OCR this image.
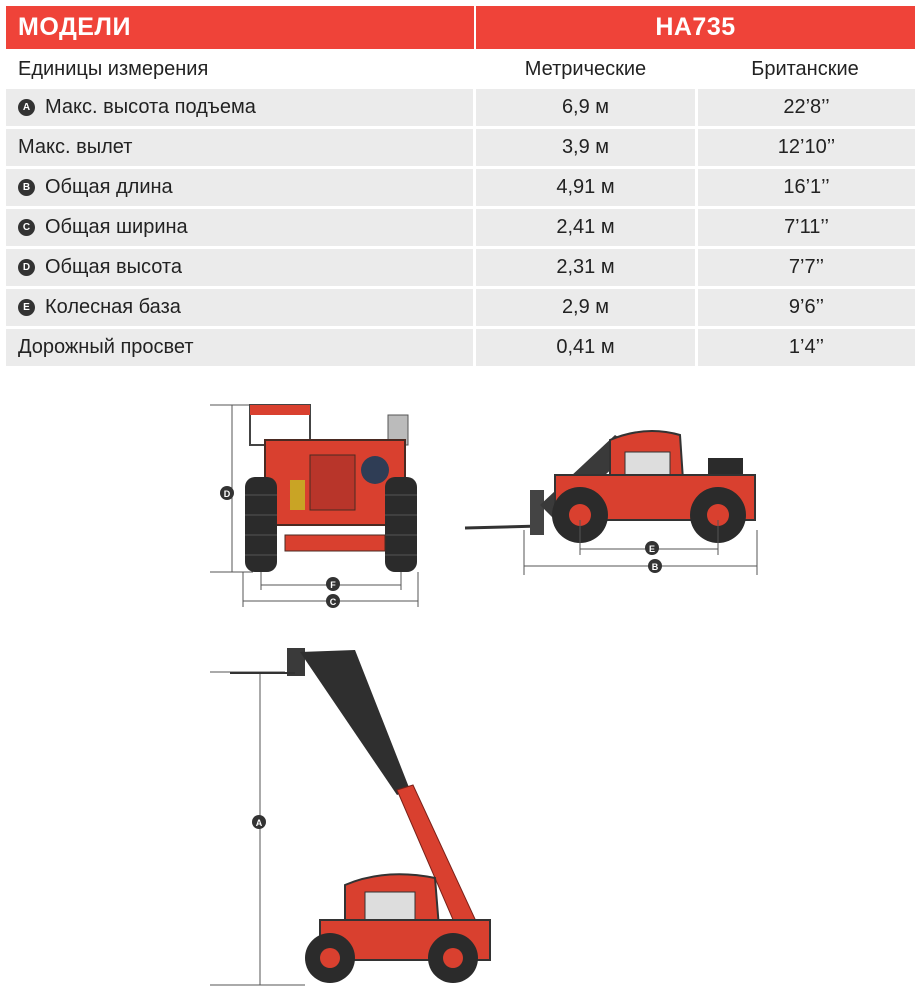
МОДЕЛИ	HA735
Единицы измерения	Метрические	Британские
A Макс. высота подъема	6,9 м	22’8’’
Макс. вылет	3,9 м	12’10’’
B Общая длина	4,91 м	16’1’’
C Общая ширина	2,41 м	7’11’’
D Общая высота	2,31 м	7’7’’
E Колесная база	2,9 м	9’6’’
Дорожный просвет	0,41 м	1’4’’
D
F
C
E
B
A
